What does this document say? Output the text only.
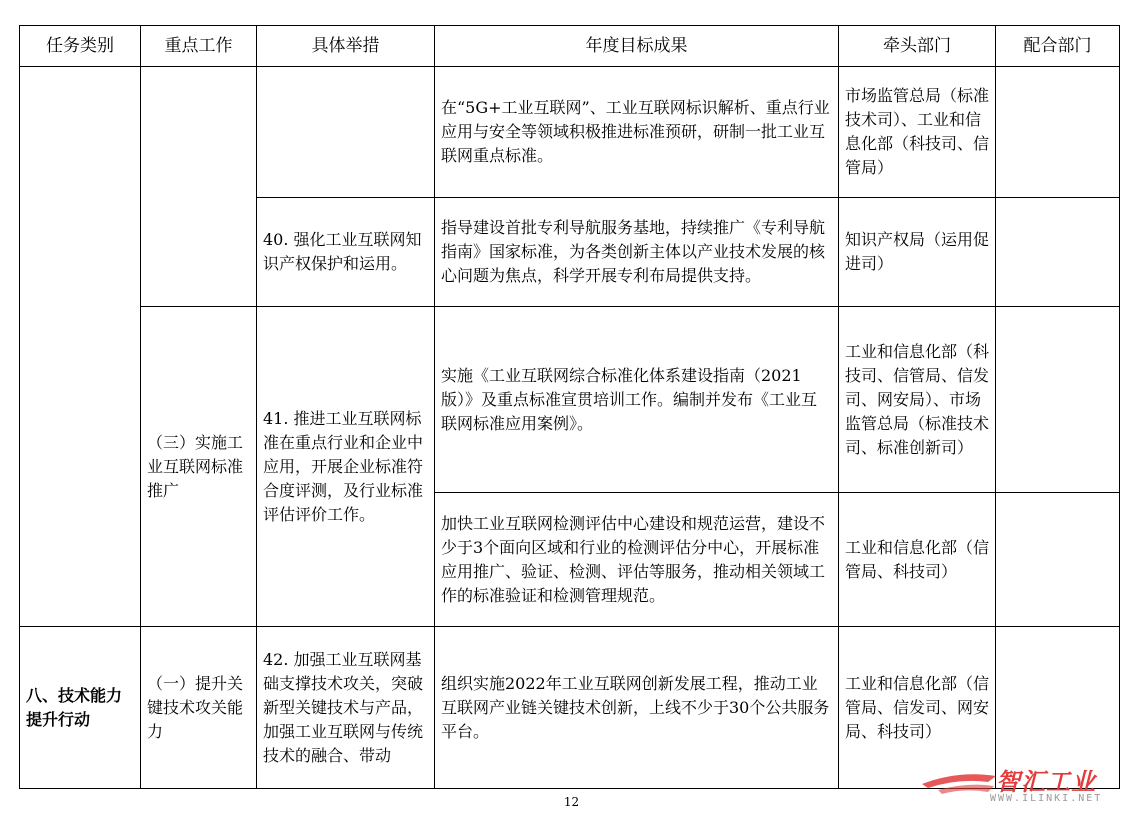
任务类别	重点工作	具体举措	年度目标成果	牵头部门	配合部门
			在“5G+工业互联网”、工业互联网标识解析、重点行业应用与安全等领域积极推进标准预研，研制一批工业互联网重点标准。	市场监管总局（标准技术司）、工业和信息化部（科技司、信管局）	
		40. 强化工业互联网知识产权保护和运用。	指导建设首批专利导航服务基地，持续推广《专利导航指南》国家标准，为各类创新主体以产业技术发展的核心问题为焦点，科学开展专利布局提供支持。	知识产权局（运用促进司）	
	（三）实施工业互联网标准推广	41. 推进工业互联网标准在重点行业和企业中应用，开展企业标准符合度评测，及行业标准评估评价工作。	实施《工业互联网综合标准化体系建设指南（2021版）》及重点标准宣贯培训工作。编制并发布《工业互联网标准应用案例》。	工业和信息化部（科技司、信管局、信发司、网安局）、市场监管总局（标准技术司、标准创新司）	
			加快工业互联网检测评估中心建设和规范运营，建设不少于3个面向区域和行业的检测评估分中心，开展标准应用推广、验证、检测、评估等服务，推动相关领域工作的标准验证和检测管理规范。	工业和信息化部（信管局、科技司）	
八、技术能力提升行动	（一）提升关键技术攻关能力	42. 加强工业互联网基础支撑技术攻关，突破新型关键技术与产品，加强工业互联网与传统技术的融合、带动	组织实施2022年工业互联网创新发展工程，推动工业互联网产业链关键技术创新，上线不少于30个公共服务平台。	工业和信息化部（信管局、信发司、网安局、科技司）	
12
智汇工业
WWW.ILINKI.NET
